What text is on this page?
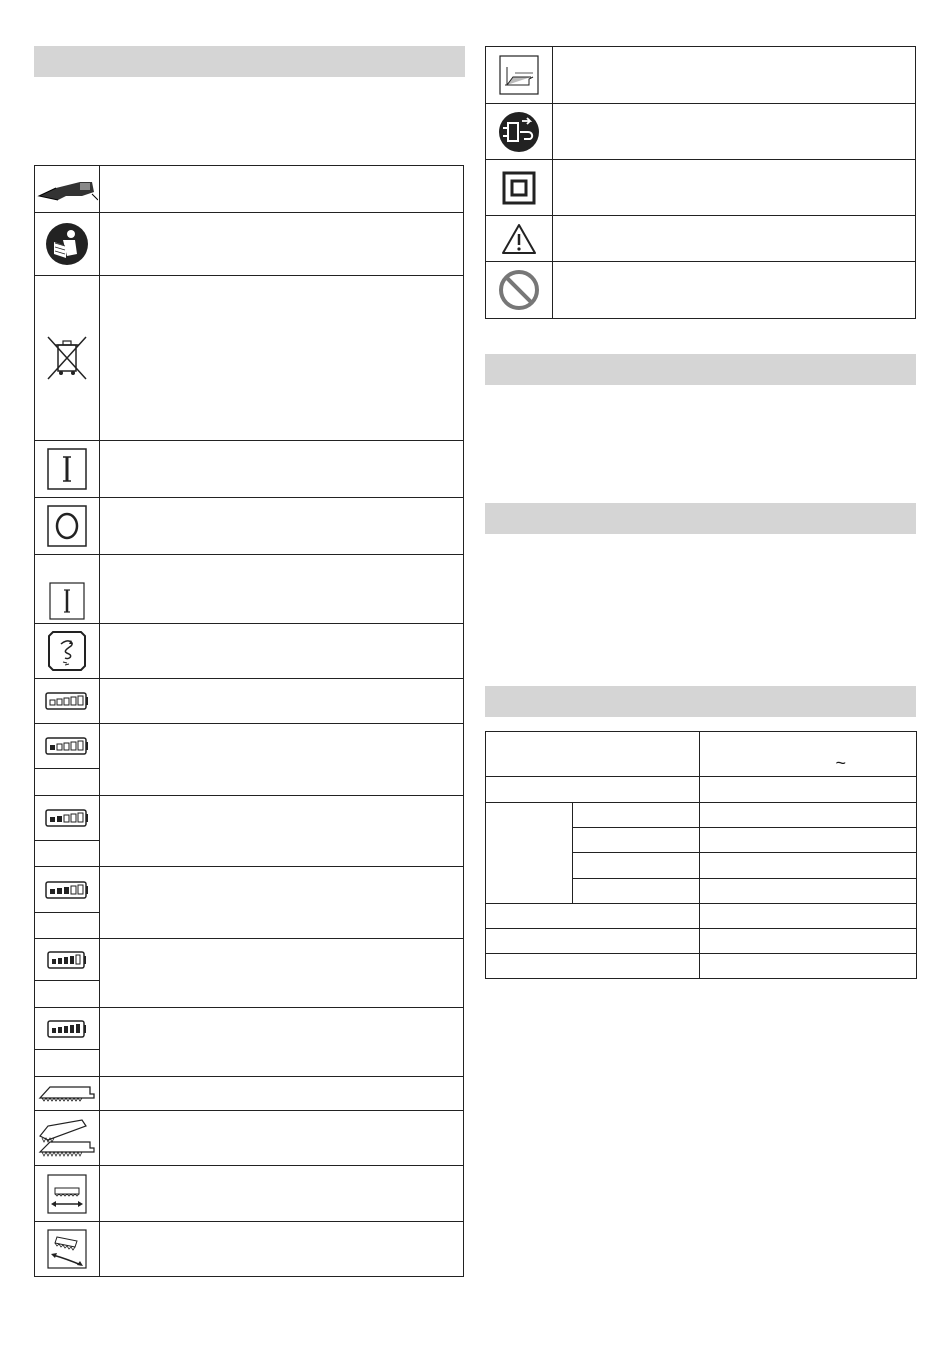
		~
